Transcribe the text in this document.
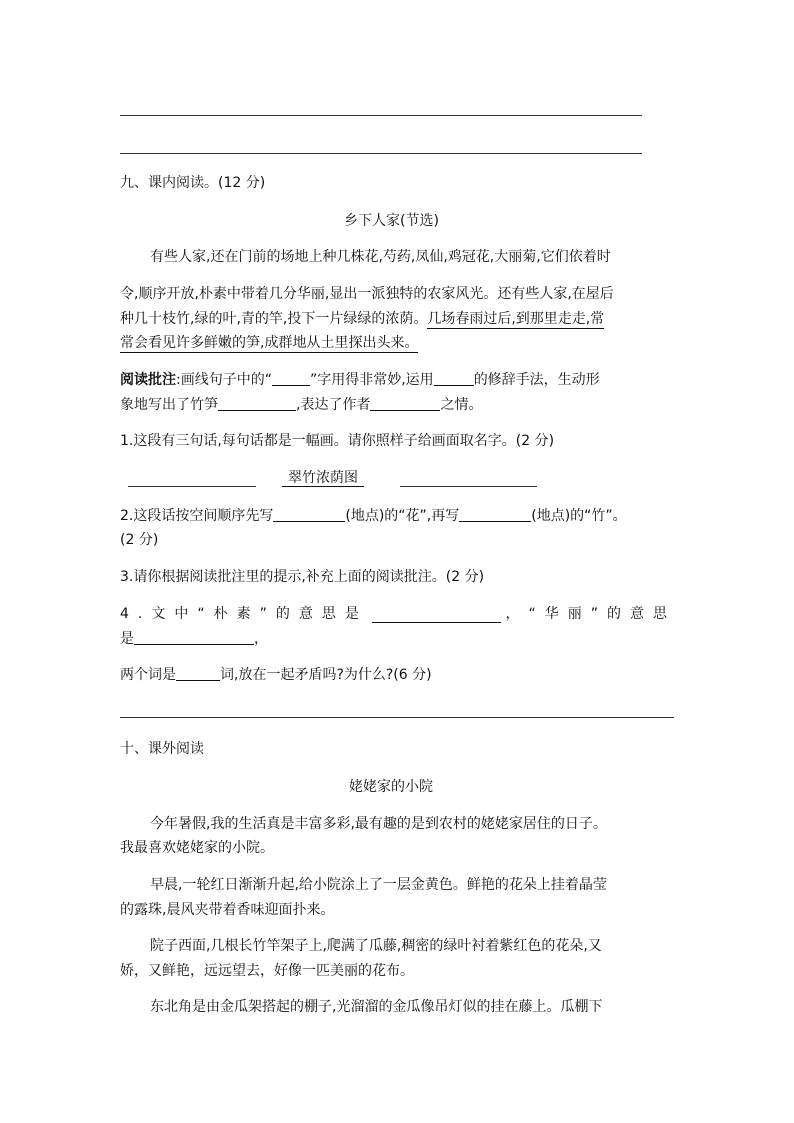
九、课内阅读。(12 分)
乡下人家(节选)
有些人家,还在门前的场地上种几株花,芍药,凤仙,鸡冠花,大丽菊,它们依着时
令,顺序开放,朴素中带着几分华丽,显出一派独特的农家风光。还有些人家,在屋后
种几十枝竹,绿的叶,青的竿,投下一片绿绿的浓荫。几场春雨过后,到那里走走,常
常会看见许多鲜嫩的笋,成群地从土里探出头来。
阅读批注:画线句子中的“	”字用得非常妙,运用	的修辞手法，生动形
象地写出了竹笋	,表达了作者	之情。
1.这段有三句话,每句话都是一幅画。请你照样子给画面取名字。(2 分)
翠竹浓荫图
2.这段话按空间顺序先写	(地点)的“花”,再写	(地点)的“竹”。
(2 分)
3.请你根据阅读批注里的提示,补充上面的阅读批注。(2 分)
4.文中“朴素”的意思是	，“华丽”的意思
是	，
两个词是	词,放在一起矛盾吗?为什么?(6 分)
十、课外阅读
姥姥家的小院
今年暑假,我的生活真是丰富多彩,最有趣的是到农村的姥姥家居住的日子。
我最喜欢姥姥家的小院。
早晨,一轮红日渐渐升起,给小院涂上了一层金黄色。鲜艳的花朵上挂着晶莹
的露珠,晨风夹带着香味迎面扑来。
院子西面,几根长竹竿架子上,爬满了瓜藤,稠密的绿叶衬着紫红色的花朵,又
娇，又鲜艳，远远望去，好像一匹美丽的花布。
东北角是由金瓜架搭起的棚子,光溜溜的金瓜像吊灯似的挂在藤上。瓜棚下
